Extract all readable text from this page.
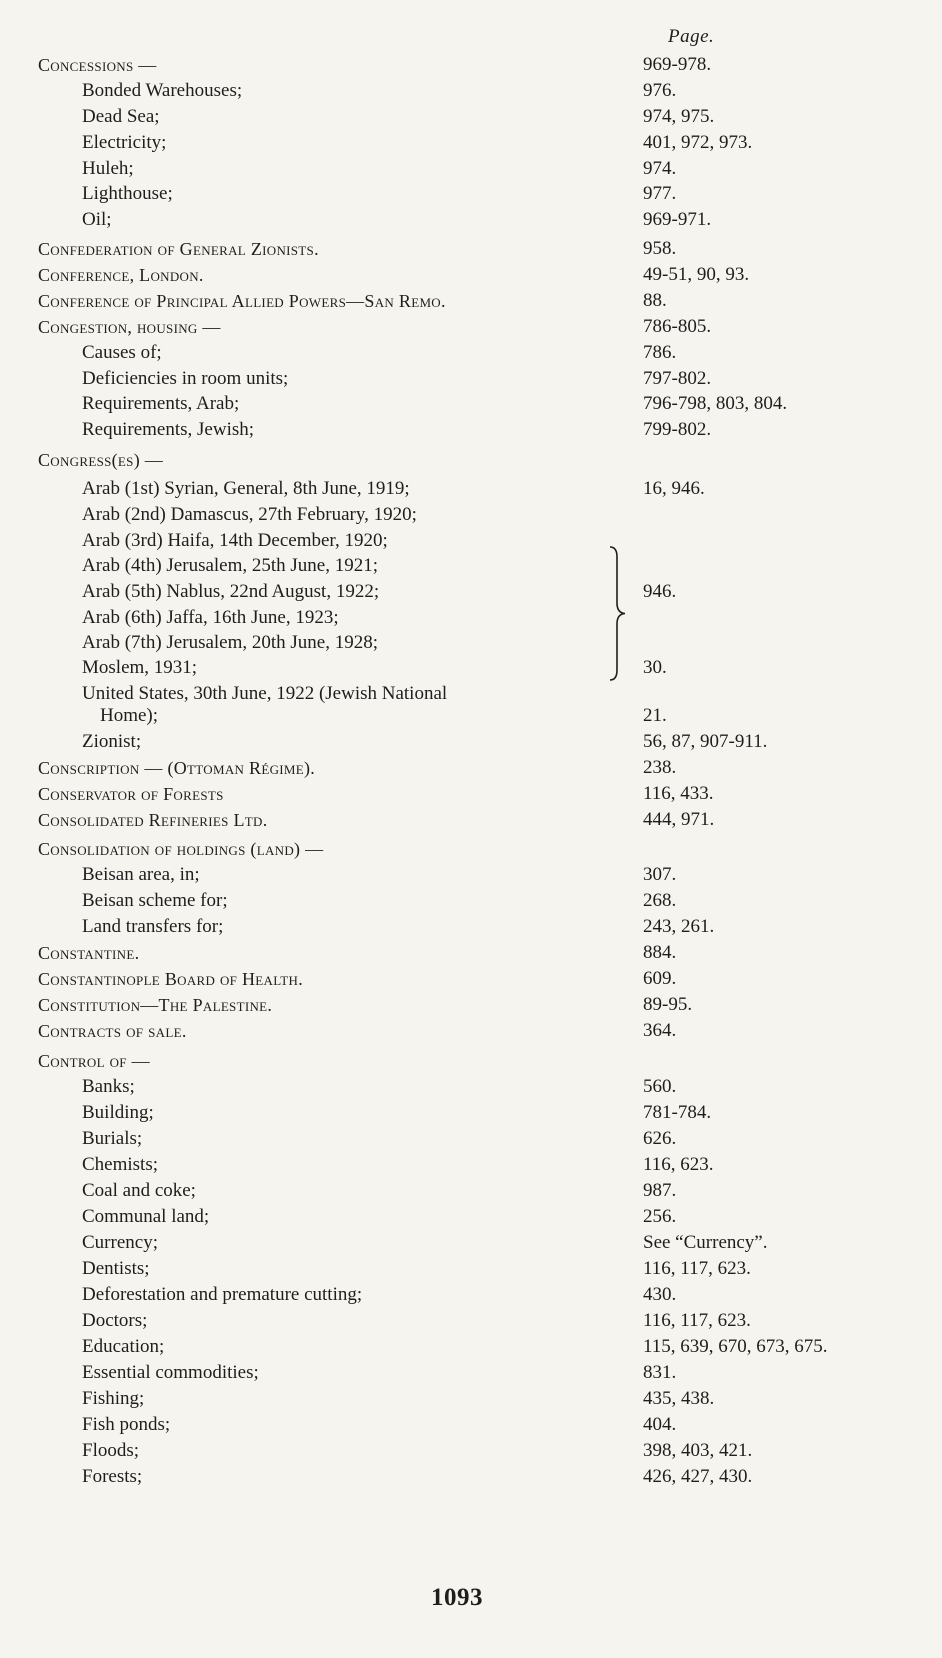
Page.
Concessions —	969-978.
Bonded Warehouses;	976.
Dead Sea;	974, 975.
Electricity;	401, 972, 973.
Huleh;	974.
Lighthouse;	977.
Oil;	969-971.
Confederation of General Zionists.	958.
Conference, London.	49-51, 90, 93.
Conference of Principal Allied Powers—San Remo.	88.
Congestion, housing —	786-805.
Causes of;	786.
Deficiencies in room units;	797-802.
Requirements, Arab;	796-798, 803, 804.
Requirements, Jewish;	799-802.
Congress(es) —
Arab (1st) Syrian, General, 8th June, 1919;	16, 946.
Arab (2nd) Damascus, 27th February, 1920;
Arab (3rd) Haifa, 14th December, 1920;
Arab (4th) Jerusalem, 25th June, 1921;
Arab (5th) Nablus, 22nd August, 1922;	946.
Arab (6th) Jaffa, 16th June, 1923;
Arab (7th) Jerusalem, 20th June, 1928;
Moslem, 1931;	30.
United States, 30th June, 1922 (Jewish National
Home);	21.
Zionist;	56, 87, 907-911.
Conscription — (Ottoman Régime).	238.
Conservator of Forests	116, 433.
Consolidated Refineries Ltd.	444, 971.
Consolidation of holdings (land) —
Beisan area, in;	307.
Beisan scheme for;	268.
Land transfers for;	243, 261.
Constantine.	884.
Constantinople Board of Health.	609.
Constitution—The Palestine.	89-95.
Contracts of sale.	364.
Control of —
Banks;	560.
Building;	781-784.
Burials;	626.
Chemists;	116, 623.
Coal and coke;	987.
Communal land;	256.
Currency;	See “Currency”.
Dentists;	116, 117, 623.
Deforestation and premature cutting;	430.
Doctors;	116, 117, 623.
Education;	115, 639, 670, 673, 675.
Essential commodities;	831.
Fishing;	435, 438.
Fish ponds;	404.
Floods;	398, 403, 421.
Forests;	426, 427, 430.
1093
